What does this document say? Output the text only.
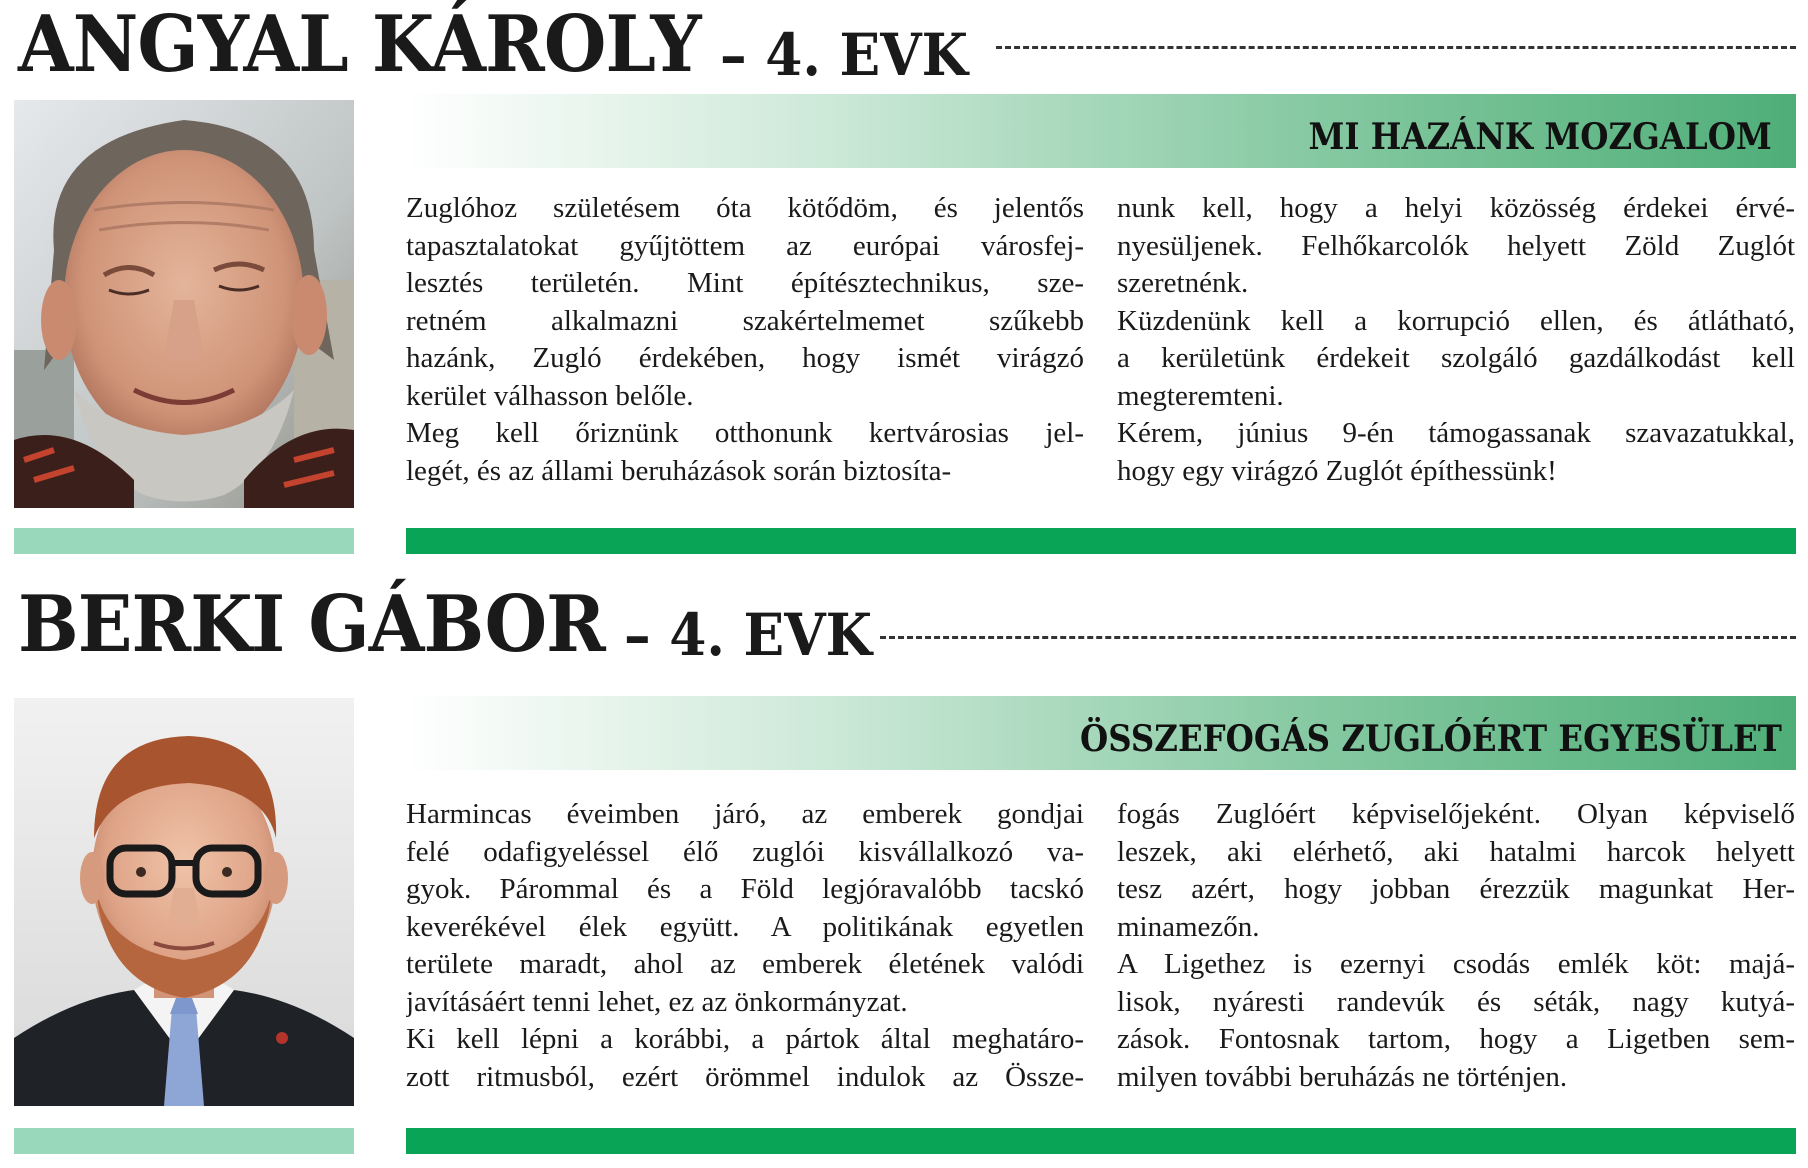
ANGYAL KÁROLY – 4. EVK
MI HAZÁNK MOZGALOM
Zuglóhoz születésem óta kötődöm, és jelentős
tapasztalatokat gyűjtöttem az európai városfej-
lesztés területén. Mint építésztechnikus, sze-
retném alkalmazni szakértelmemet szűkebb
hazánk, Zugló érdekében, hogy ismét virágzó
kerület válhasson belőle.
Meg kell őriznünk otthonunk kertvárosias jel-
legét, és az állami beruházások során biztosíta-
nunk kell, hogy a helyi közösség érdekei érvé-
nyesüljenek. Felhőkarcolók helyett Zöld Zuglót
szeretnénk.
Küzdenünk kell a korrupció ellen, és átlátható,
a kerületünk érdekeit szolgáló gazdálkodást kell
megteremteni.
Kérem, június 9-én támogassanak szavazatukkal,
hogy egy virágzó Zuglót építhessünk!
BERKI GÁBOR – 4. EVK
ÖSSZEFOGÁS ZUGLÓÉRT EGYESÜLET
Harmincas éveimben járó, az emberek gondjai
felé odafigyeléssel élő zuglói kisvállalkozó va-
gyok. Párommal és a Föld legjóravalóbb tacskó
keverékével élek együtt. A politikának egyetlen
területe maradt, ahol az emberek életének valódi
javításáért tenni lehet, ez az önkormányzat.
Ki kell lépni a korábbi, a pártok által meghatáro-
zott ritmusból, ezért örömmel indulok az Össze-
fogás Zuglóért képviselőjeként. Olyan képviselő
leszek, aki elérhető, aki hatalmi harcok helyett
tesz azért, hogy jobban érezzük magunkat Her-
minamezőn.
A Ligethez is ezernyi csodás emlék köt: majá-
lisok, nyáresti randevúk és séták, nagy kutyá-
zások. Fontosnak tartom, hogy a Ligetben sem-
milyen további beruházás ne történjen.
